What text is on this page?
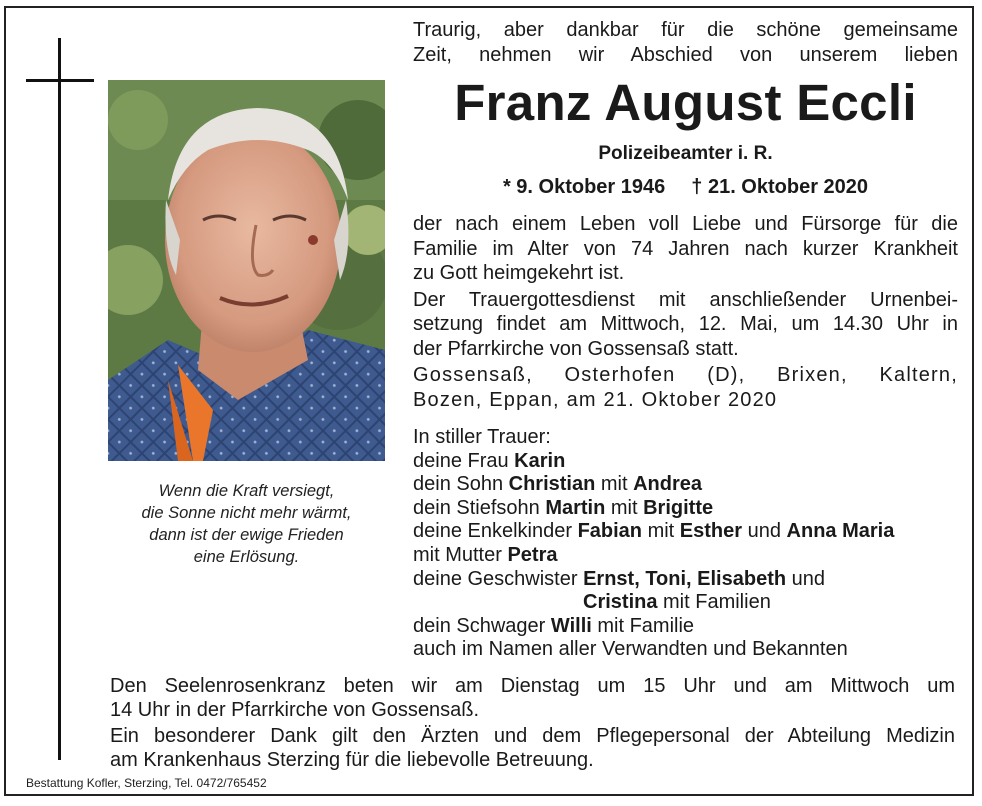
Wenn die Kraft versiegt,
die Sonne nicht mehr wärmt,
dann ist der ewige Frieden
eine Erlösung.
Traurig, aber dankbar für die schöne gemeinsame
Zeit, nehmen wir Abschied von unserem lieben
Franz August Eccli
Polizeibeamter i. R.
* 9. Oktober 1946 † 21. Oktober 2020
der nach einem Leben voll Liebe und Fürsorge für die
Familie im Alter von 74 Jahren nach kurzer Krankheit
zu Gott heimgekehrt ist.
Der Trauergottesdienst mit anschließender Urnenbei-
setzung findet am Mittwoch, 12. Mai, um 14.30 Uhr in
der Pfarrkirche von Gossensaß statt.
Gossensaß, Osterhofen (D), Brixen, Kaltern,
Bozen, Eppan, am 21. Oktober 2020
In stiller Trauer:
deine Frau Karin
dein Sohn Christian mit Andrea
dein Stiefsohn Martin mit Brigitte
deine Enkelkinder Fabian mit Esther und Anna Maria
mit Mutter Petra
deine Geschwister Ernst, Toni, Elisabeth und
Cristina mit Familien
dein Schwager Willi mit Familie
auch im Namen aller Verwandten und Bekannten
Den Seelenrosenkranz beten wir am Dienstag um 15 Uhr und am Mittwoch um
14 Uhr in der Pfarrkirche von Gossensaß.
Ein besonderer Dank gilt den Ärzten und dem Pflegepersonal der Abteilung Medizin
am Krankenhaus Sterzing für die liebevolle Betreuung.
Bestattung Kofler, Sterzing, Tel. 0472/765452
